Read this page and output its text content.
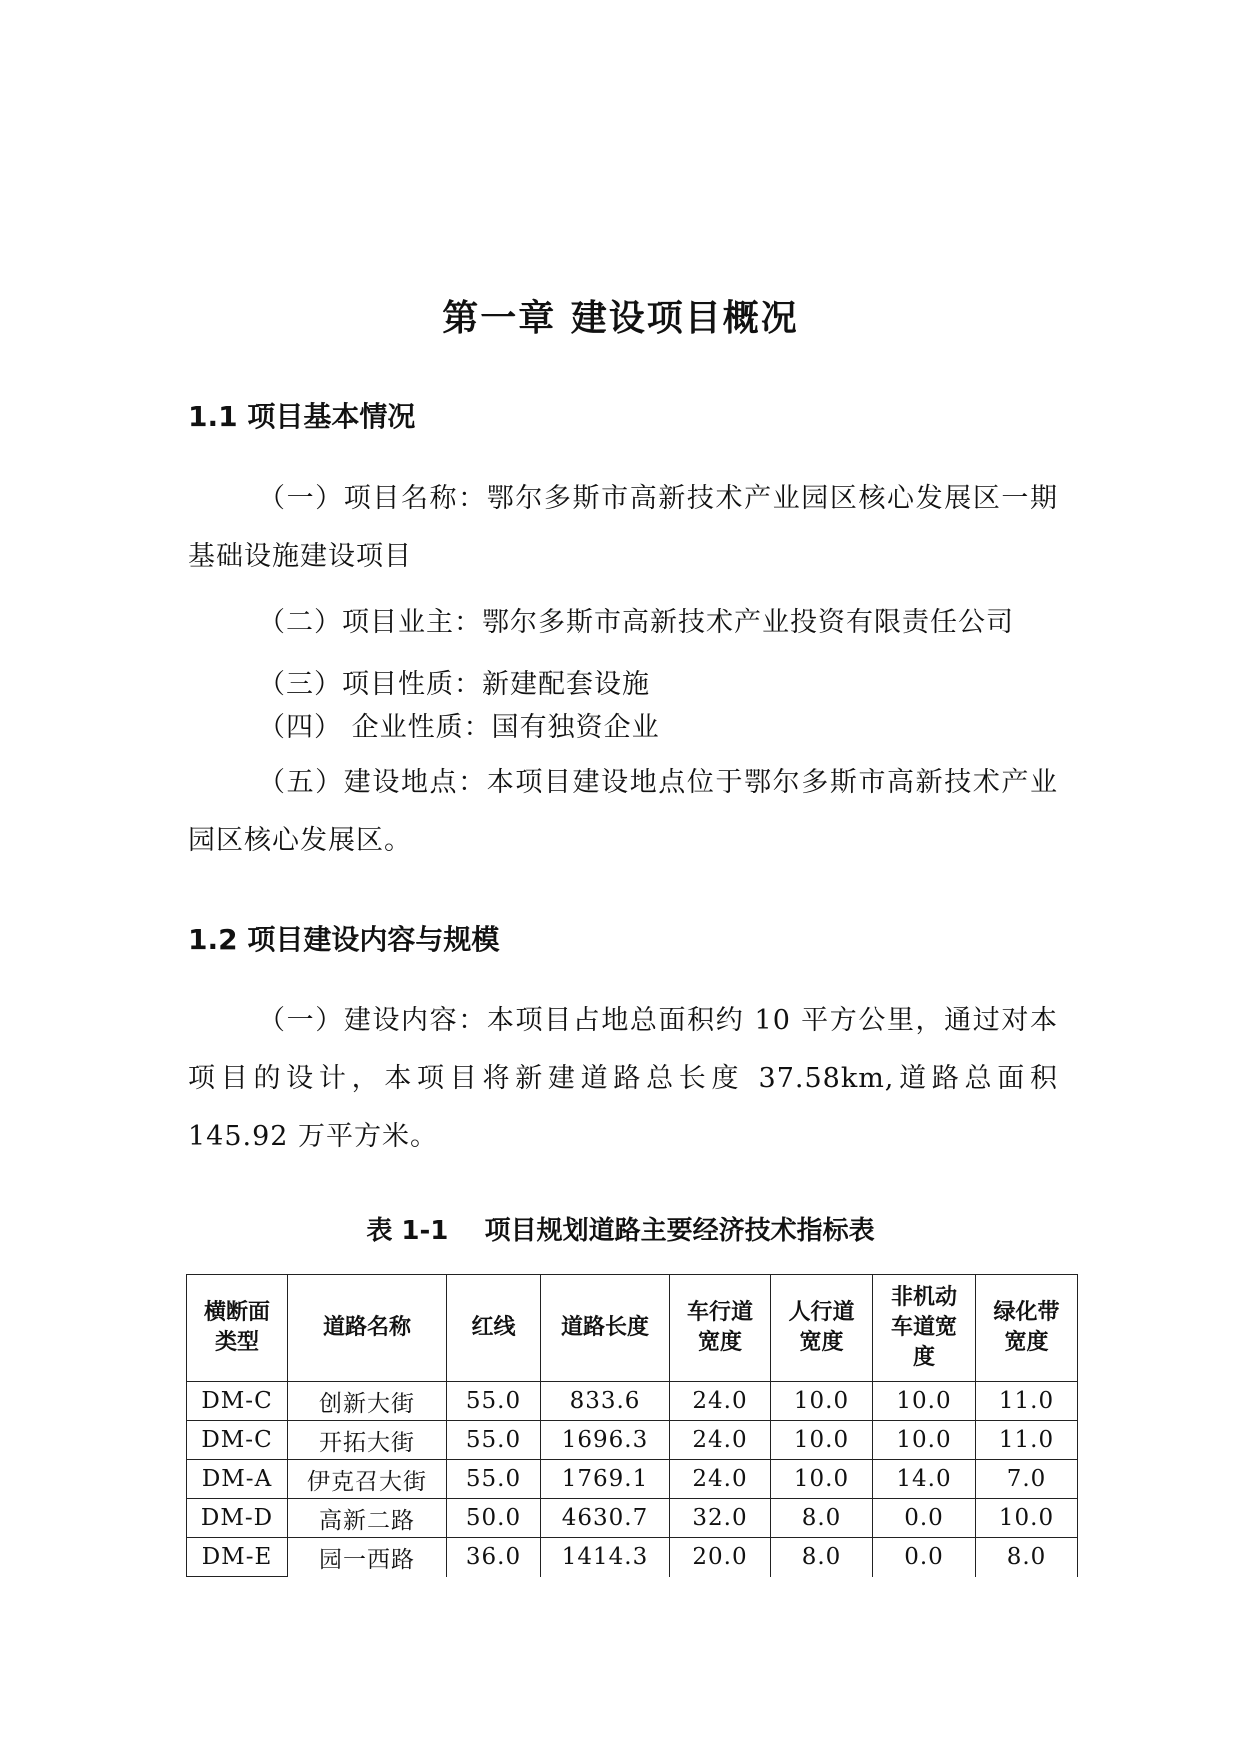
第一章 建设项目概况
1.1 项目基本情况

（一）项目名称：鄂尔多斯市高新技术产业园区核心发展区一期基础设施建设项目

（二）项目业主：鄂尔多斯市高新技术产业投资有限责任公司

（三）项目性质：新建配套设施

（四） 企业性质：国有独资企业

（五）建设地点：本项目建设地点位于鄂尔多斯市高新技术产业园区核心发展区。

1.2 项目建设内容与规模

（一）建设内容：本项目占地总面积约 10 平方公里，通过对本项目的设计，本项目将新建道路总长度 37.58km,道路总面积 145.92 万平方米。

表 1-1    项目规划道路主要经济技术指标表

横断面类型	道路名称	红线	道路长度	车行道宽度	人行道宽度	非机动车道宽度	绿化带宽度
DM-C	创新大街	55.0	833.6	24.0	10.0	10.0	11.0
DM-C	开拓大街	55.0	1696.3	24.0	10.0	10.0	11.0
DM-A	伊克召大街	55.0	1769.1	24.0	10.0	14.0	7.0
DM-D	高新二路	50.0	4630.7	32.0	8.0	0.0	10.0
DM-E	园一西路	36.0	1414.3	20.0	8.0	0.0	8.0
